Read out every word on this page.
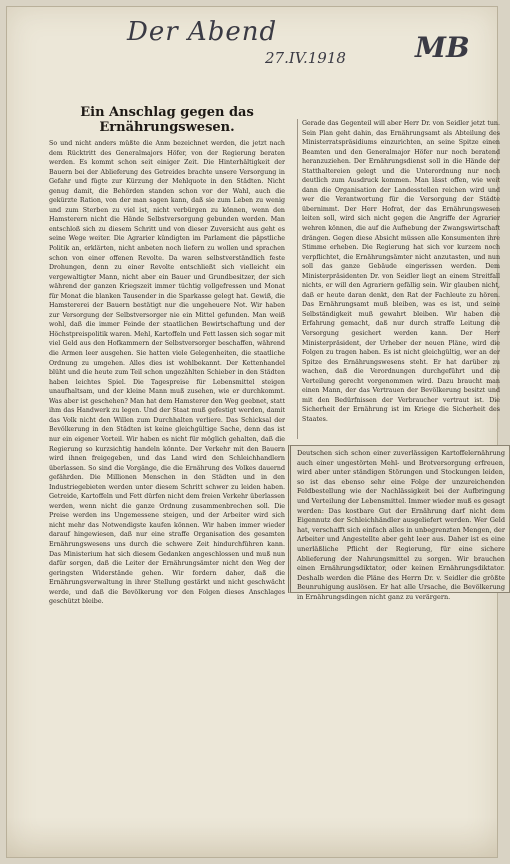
Der Abend
27.IV.1918 MB
Ein Anschlag gegen das Ernährungswesen.

So und nicht anders müßte die Anm bezeichnet werden, die jetzt nach dem Rücktritt des Generalmajors Höfer, von der Regierung beraten werden. Es kommt schon seit einiger Zeit. Die Hinterhältigkeit der Bauern bei der Ablieferung des Getreides brachte unsere Versorgung in Gefahr und fügte zur Kürzung der Mehlquote in den Städten. Nicht genug damit, die Behörden standen schon vor der Wahl, auch die gekürzte Ration, von der man sagen kann, daß sie zum Leben zu wenig und zum Sterben zu viel ist, nicht verbürgen zu können, wenn den Hamsterern nicht die Hände Selbstversorgung gebunden werden. Man entschloß sich zu diesem Schritt und von dieser Zuversicht aus geht es seine Wege weiter. Die Agrarier kündigten im Parlament die päpstliche Politik an, erklärten, nicht anbeten noch liefern zu wollen und sprachen schon von einer offenen Revolte. Da waren selbstverständlich feste Drohungen, denn zu einer Revolte entschließt sich vielleicht ein vergewaltigter Mann, nicht aber ein Bauer und Grundbesitzer, der sich während der ganzen Kriegszeit immer tüchtig vollgefressen und Monat für Monat die blanken Tausender in die Sparkasse gelegt hat. Gewiß, die Hamstererei der Bauern bestätigt nur die ungeheuere Not. Wir haben zur Versorgung der Selbstversorger nie ein Mittel gefunden. Man weiß wohl, daß die immer Feinde der staatlichen Bewirtschaftung und der Höchstpreispolitik waren. Mehl, Kartoffeln und Fett lassen sich sogar mit viel Geld aus den Hofkammern der Selbstversorger beschaffen, während die Armen leer ausgehen. Sie hatten viele Gelegenheiten, die staatliche Ordnung zu umgehen. Alles dies ist wohlbekannt. Der Kettenhandel blüht und die heute zum Teil schon ungezählten Schieber in den Städten haben leichtes Spiel. Die Tagespreise für Lebensmittel steigen unaufhaltsam, und der kleine Mann muß zusehen, wie er durchkommt. Was aber ist geschehen? Man hat dem Hamsterer den Weg geebnet, statt ihm das Handwerk zu legen. Und der Staat muß gefestigt werden, damit das Volk nicht den Willen zum Durchhalten verliere. Das Schicksal der Bevölkerung in den Städten ist keine gleichgültige Sache, denn das ist nur ein eigener Vorteil. Wir haben es nicht für möglich gehalten, daß die Regierung so kurzsichtig handeln könnte. Der Verkehr mit den Bauern wird ihnen freigegeben, und das Land wird den Schleichhandlern überlassen. So sind die Vorgänge, die die Ernährung des Volkes dauernd gefährden. Die Millionen Menschen in den Städten und in den Industriegebieten werden unter diesem Schritt schwer zu leiden haben. Getreide, Kartoffeln und Fett dürfen nicht dem freien Verkehr überlassen werden, wenn nicht die ganze Ordnung zusammenbrechen soll. Die Preise werden ins Ungemessene steigen, und der Arbeiter wird sich nicht mehr das Notwendigste kaufen können. Wir haben immer wieder darauf hingewiesen, daß nur eine straffe Organisation des gesamten Ernährungswesens uns durch die schwere Zeit hindurchführen kann. Das Ministerium hat sich diesem Gedanken angeschlossen und muß nun dafür sorgen, daß die Leiter der Ernährungsämter nicht den Weg der geringsten Widerstände gehen. Wir fordern daher, daß die Ernährungsverwaltung in ihrer Stellung gestärkt und nicht geschwächt werde, und daß die Bevölkerung vor den Folgen dieses Anschlages geschützt bleibe.

Gerade das Gegenteil will aber Herr Dr. von Seidler jetzt tun. Sein Plan geht dahin, das Ernährungsamt als Abteilung des Ministerratspräsidiums einzurichten, an seine Spitze einen Beamten und den Generalmajor Höfer nur noch beratend heranzuziehen. Der Ernährungsdienst soll in die Hände der Statthaltereien gelegt und die Unterordnung nur noch deutlich zum Ausdruck kommen. Man lässt offen, wie weit dann die Organisation der Landesstellen reichen wird und wer die Verantwortung für die Versorgung der Städte übernimmt. Der Herr Hofrat, der das Ernährungswesen leiten soll, wird sich nicht gegen die Angriffe der Agrarier wehren können, die auf die Aufhebung der Zwangswirtschaft drängen. Gegen diese Absicht müssen alle Konsumenten ihre Stimme erheben. Die Regierung hat sich vor kurzem noch verpflichtet, die Ernährungsämter nicht anzutasten, und nun soll das ganze Gebäude eingerissen werden. Dem Ministerpräsidenten Dr. von Seidler liegt an einem Streitfall nichts, er will den Agrariern gefällig sein. Wir glauben nicht, daß er heute daran denkt, den Rat der Fachleute zu hören. Das Ernährungsamt muß bleiben, was es ist, und seine Selbständigkeit muß gewahrt bleiben. Wir haben die Erfahrung gemacht, daß nur durch straffe Leitung die Versorgung gesichert werden kann. Der Herr Ministerpräsident, der Urheber der neuen Pläne, wird die Folgen zu tragen haben. Es ist nicht gleichgültig, wer an der Spitze des Ernährungswesens steht. Er hat darüber zu wachen, daß die Verordnungen durchgeführt und die Verteilung gerecht vorgenommen wird. Dazu braucht man einen Mann, der das Vertrauen der Bevölkerung besitzt und mit den Bedürfnissen der Verbraucher vertraut ist. Die Sicherheit der Ernährung ist im Kriege die Sicherheit des Staates.

Deutschen sich schon einer zuverlässigen Kartoffelernährung auch einer ungestörten Mehl- und Brotversorgung erfreuen, wird aber unter ständigen Störungen und Stockungen leiden, so ist das ebenso sehr eine Folge der unzureichenden Feldbestellung wie der Nachlässigkeit bei der Aufbringung und Verteilung der Lebensmittel. Immer wieder muß es gesagt werden: Das kostbare Gut der Ernährung darf nicht dem Eigennutz der Schleichhändler ausgeliefert werden. Wer Geld hat, verschafft sich einfach alles in unbegrenzten Mengen, der Arbeiter und Angestellte aber geht leer aus. Daher ist es eine unerläßliche Pflicht der Regierung, für eine sichere Ablieferung der Nahrungsmittel zu sorgen. Wir brauchen einen Ernährungsdiktator, oder keinen Ernährungsdiktator. Deshalb werden die Pläne des Herrn Dr. v. Seidler die größte Beunruhigung auslösen. Er hat alle Ursache, die Bevölkerung in Ernährungsdingen nicht ganz zu verärgern.
